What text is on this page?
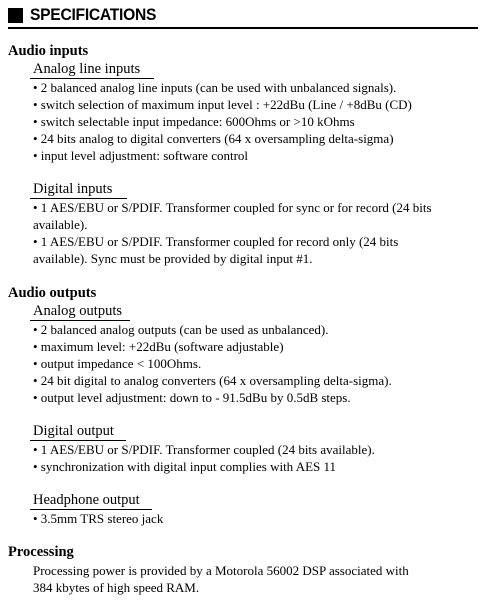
SPECIFICATIONS
Audio inputs
Analog line inputs
• 2 balanced analog line inputs (can be used with unbalanced signals).
• switch selection of maximum input level : +22dBu (Line / +8dBu (CD)
• switch selectable input impedance: 600Ohms or >10 kOhms
• 24 bits analog to digital converters (64 x oversampling delta-sigma)
• input level adjustment: software control
Digital inputs
• 1 AES/EBU or S/PDIF. Transformer coupled for sync or for record (24 bits
available).
• 1 AES/EBU or S/PDIF. Transformer coupled for record only (24 bits
available). Sync must be provided by digital input #1.
Audio outputs
Analog outputs
• 2 balanced analog outputs (can be used as unbalanced).
• maximum level: +22dBu (software adjustable)
• output impedance < 100Ohms.
• 24 bit digital to analog converters (64 x oversampling delta-sigma).
• output level adjustment: down to - 91.5dBu by 0.5dB steps.
Digital output
• 1 AES/EBU or S/PDIF. Transformer coupled (24 bits available).
• synchronization with digital input complies with AES 11
Headphone output
• 3.5mm TRS stereo jack
Processing
Processing power is provided by a Motorola 56002 DSP associated with
384 kbytes of high speed RAM.
